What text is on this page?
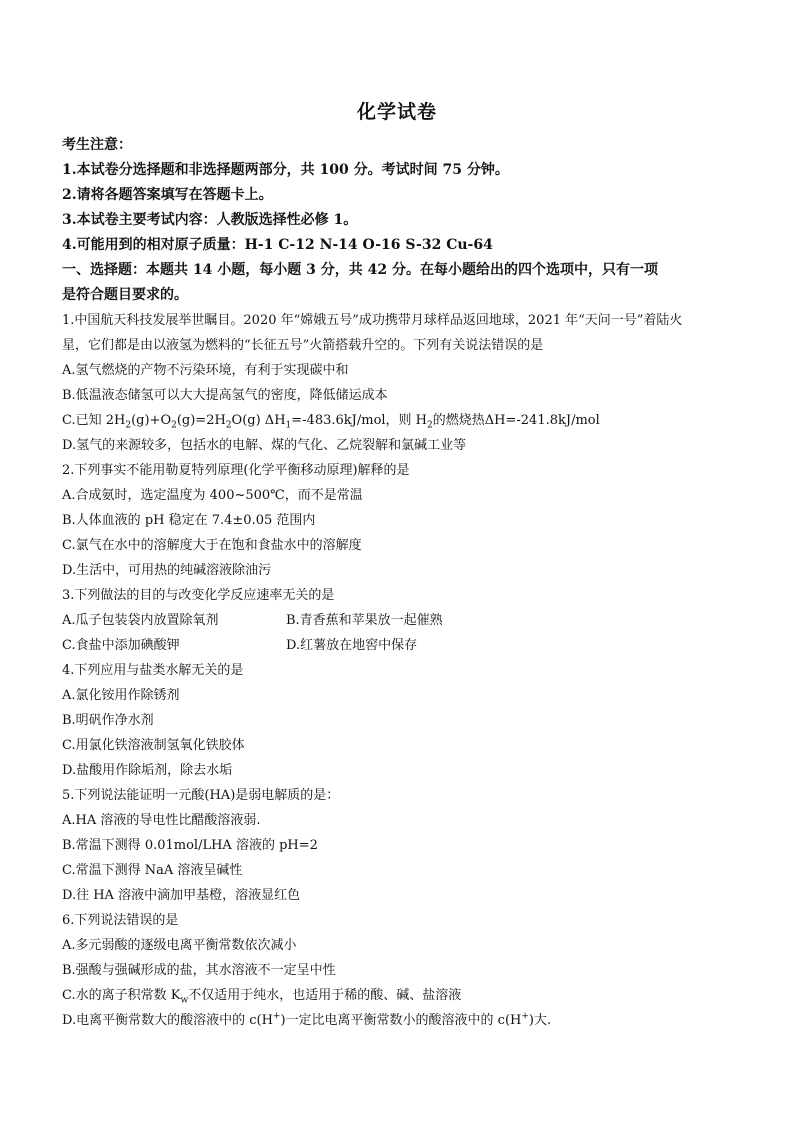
化学试卷
考生注意：
1.本试卷分选择题和非选择题两部分，共 100 分。考试时间 75 分钟。
2.请将各题答案填写在答题卡上。
3.本试卷主要考试内容：人教版选择性必修 1。
4.可能用到的相对原子质量：H-1 C-12 N-14 O-16 S-32 Cu-64
一、选择题：本题共 14 小题，每小题 3 分，共 42 分。在每小题给出的四个选项中，只有一项
是符合题目要求的。
1.中国航天科技发展举世瞩目。2020 年“嫦娥五号”成功携带月球样品返回地球，2021 年“天问一号”着陆火
星，它们都是由以液氢为燃料的“长征五号”火箭搭载升空的。下列有关说法错误的是
A.氢气燃烧的产物不污染环境，有利于实现碳中和
B.低温液态储氢可以大大提高氢气的密度，降低储运成本
C.已知 $2H_2(g)+O_2(g)=2H_2O(g)$ $\Delta H_1=-483.6kJ$/mol，则 $H_2$的燃烧热ΔH=-241.8kJ/mol
D.氢气的来源较多，包括水的电解、煤的气化、乙烷裂解和氯碱工业等
2.下列事实不能用勒夏特列原理(化学平衡移动原理)解释的是
A.合成氨时，选定温度为 400~500℃，而不是常温
B.人体血液的 pH 稳定在 7.4±0.05 范围内
C.氯气在水中的溶解度大于在饱和食盐水中的溶解度
D.生活中，可用热的纯碱溶液除油污
3.下列做法的目的与改变化学反应速率无关的是
A.瓜子包装袋内放置除氧剂	B.青香蕉和苹果放一起催熟
C.食盐中添加碘酸钾	D.红薯放在地窖中保存
4.下列应用与盐类水解无关的是
A.氯化铵用作除锈剂
B.明矾作净水剂
C.用氯化铁溶液制氢氧化铁胶体
D.盐酸用作除垢剂，除去水垢
5.下列说法能证明一元酸(HA)是弱电解质的是：
A.HA 溶液的导电性比醋酸溶液弱.
B.常温下测得 0.01mol/LHA 溶液的 pH=2
C.常温下测得 NaA 溶液呈碱性
D.往 HA 溶液中滴加甲基橙，溶液显红色
6.下列说法错误的是
A.多元弱酸的逐级电离平衡常数依次减小
B.强酸与强碱形成的盐，其水溶液不一定呈中性
C.水的离子积常数 $K_w$不仅适用于纯水，也适用于稀的酸、碱、盐溶液
D.电离平衡常数大的酸溶液中的 c(H+)一定比电离平衡常数小的酸溶液中的 c(H+)大.
